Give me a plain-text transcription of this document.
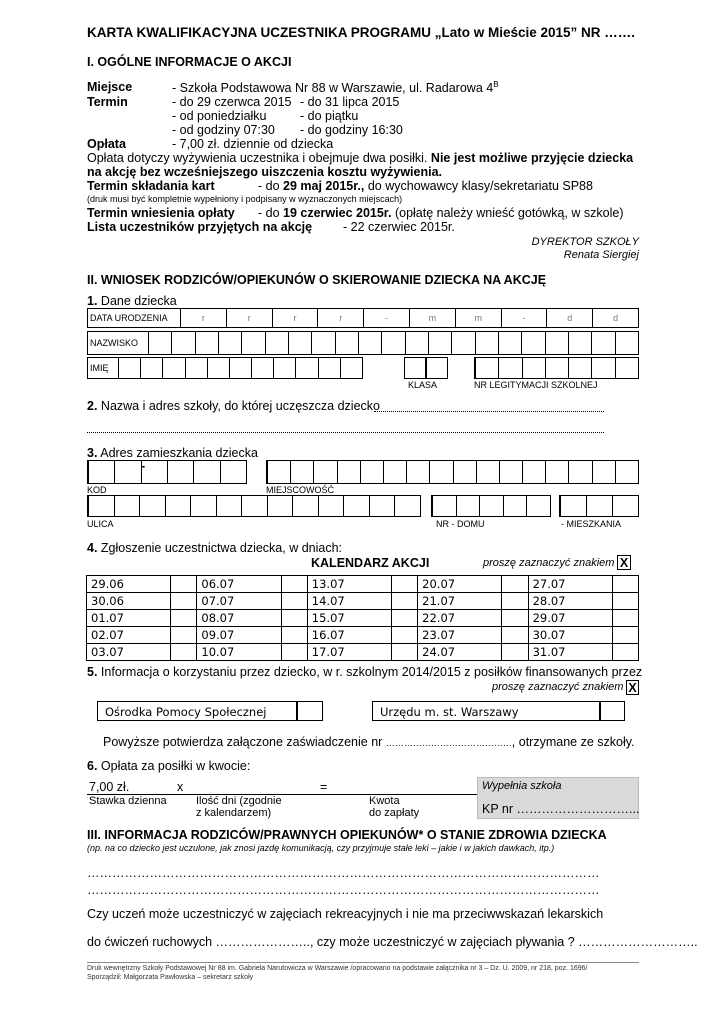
KARTA KWALIFIKACYJNA UCZESTNIKA PROGRAMU „Lato w Mieście 2015” NR …….
I. OGÓLNE INFORMACJE O AKCJI
Miejsce	- Szkoła Podstawowa Nr 88 w Warszawie, ul. Radarowa $4^B$
Termin	- do 29 czerwca 2015 - do 31 lipca 2015
- od poniedziałku	- do piątku
- od godziny 07:30 - do godziny 16:30
Opłata	- 7,00 zł. dziennie od dziecka
Opłata dotyczy wyżywienia uczestnika i obejmuje dwa posiłki. Nie jest możliwe przyjęcie dziecka
na akcję bez wcześniejszego uiszczenia kosztu wyżywienia.
Termin składania kart	- do 29 maj 2015r., do wychowawcy klasy/sekretariatu SP88
(druk musi być kompletnie wypełniony i podpisany w wyznaczonych miejscach)
Termin wniesienia opłaty - do 19 czerwiec 2015r. (opłatę należy wnieść gotówką, w szkole)
Lista uczestników przyjętych na akcję - 22 czerwiec 2015r.
DYREKTOR SZKOŁY
Renata Siergiej
II. WNIOSEK RODZICÓW/OPIEKUNÓW O SKIEROWANIE DZIECKA NA AKCJĘ
1. Dane dziecka
DATA URODZENIA	r	r	r	r	-	m	m	-	d	d
NAZWISKO
IMIĘ
KLASA	NR LEGITYMACJI SZKOLNEJ
2. Nazwa i adres szkoły, do której uczęszcza dziecko
3. Adres zamieszkania dziecka
-
KOD	MIEJSCOWOŚĆ
ULICA	NR - DOMU	- MIESZKANIA
4. Zgłoszenie uczestnictwa dziecka, w dniach:
KALENDARZ AKCJI	proszę zaznaczyć znakiem X
29.06		06.07		13.07		20.07		27.07	
30.06		07.07		14.07		21.07		28.07	
01.07		08.07		15.07		22.07		29.07	
02.07		09.07		16.07		23.07		30.07	
03.07		10.07		17.07		24.07		31.07	
5. Informacja o korzystaniu przez dziecko, w r. szkolnym 2014/2015 z posiłków finansowanych przez
proszę zaznaczyć znakiem X
Ośrodka Pomocy Społecznej	Urzędu m. st. Warszawy
Powyższe potwierdza załączone zaświadczenie nr ……………………………………, otrzymane ze szkoły.
6. Opłata za posiłki w kwocie:
7,00 zł.	x	=
Stawka dzienna	Ilość dni (zgodnie
z kalendarzem)
Kwota
do zapłaty
Wypełnia szkoła
KP nr ………………………...
III. INFORMACJA RODZICÓW/PRAWNYCH OPIEKUNÓW* O STANIE ZDROWIA DZIECKA
(np. na co dziecko jest uczulone, jak znosi jazdę komunikacją, czy przyjmuje stałe leki – jakie i w jakich dawkach, itp.)
……………………………………………………………………………………………………………
……………………………………………………………………………………………………………
Czy uczeń może uczestniczyć w zajęciach rekreacyjnych i nie ma przeciwwskazań lekarskich
do ćwiczeń ruchowych ………………….., czy może uczestniczyć w zajęciach pływania ? ………………………..
Druk wewnętrzny Szkoły Podstawowej Nr 88 im. Gabriela Narutowicza w Warszawie /opracowano na podstawie załącznika nr 3 – Dz. U. 2009, nr 218, poz. 1696/
Sporządził: Małgorzata Pawłowska – sekretarz szkoły
